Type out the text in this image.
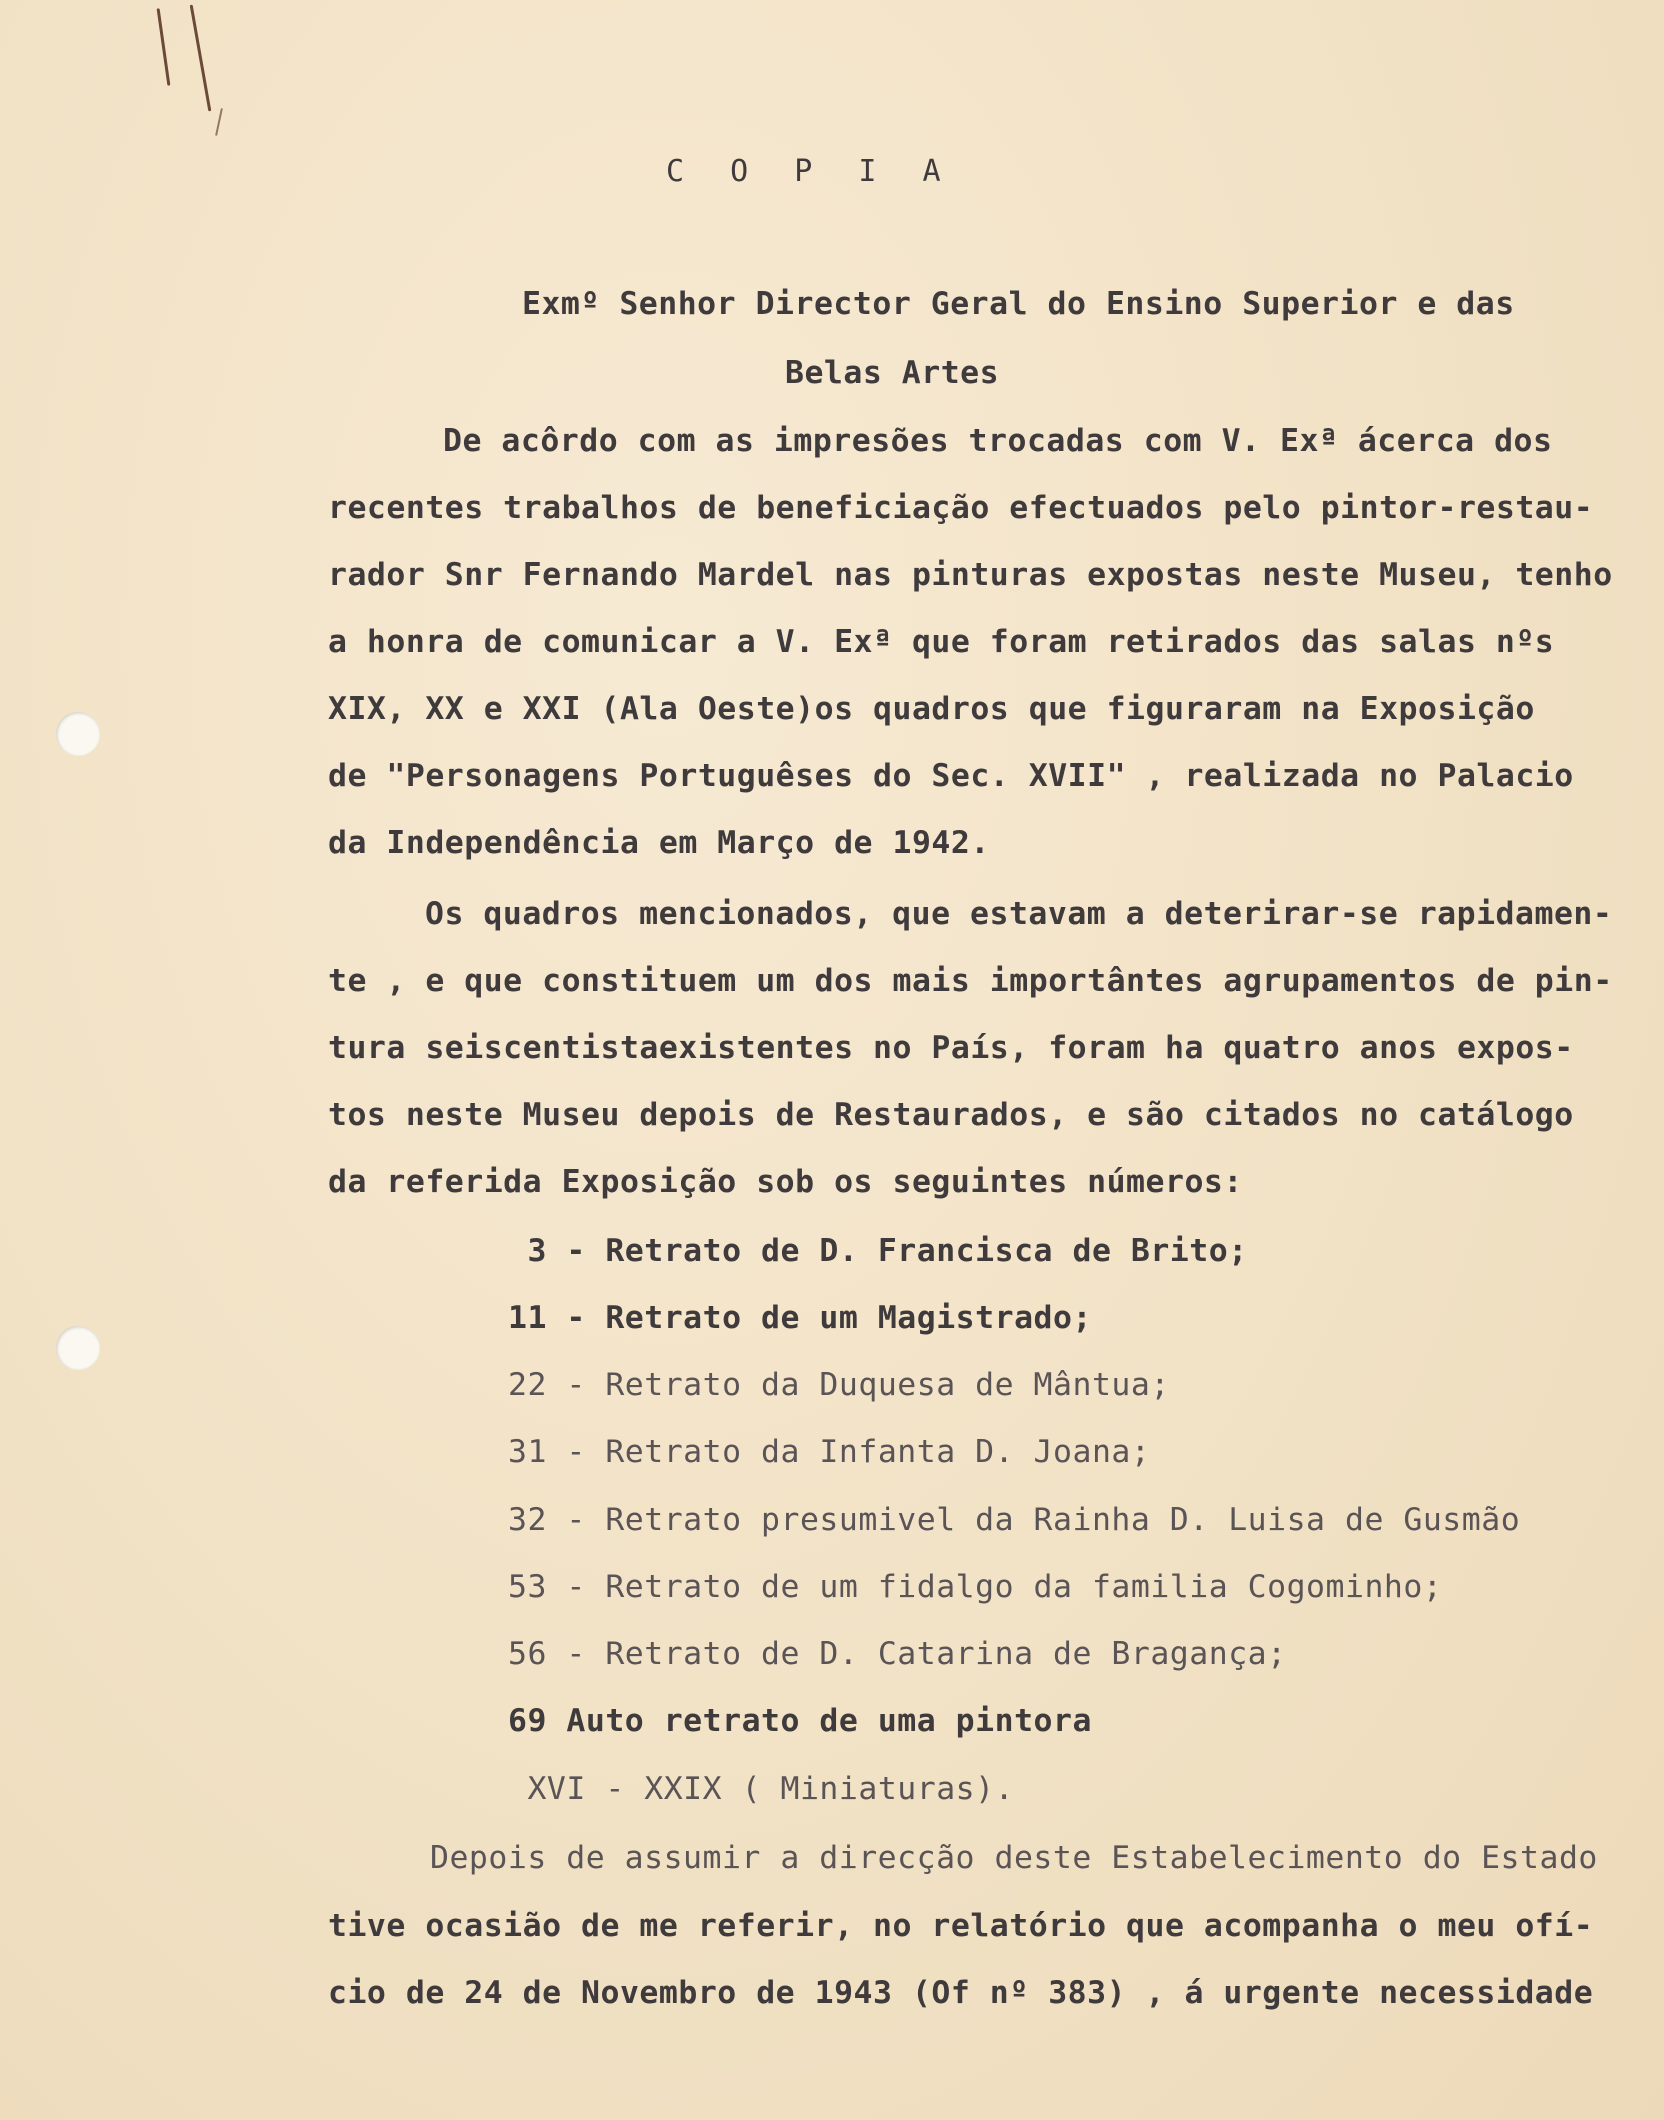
C O P I A
Exmº Senhor Director Geral do Ensino Superior e das
Belas Artes
De acôrdo com as impresões trocadas com V. Exª ácerca dos
recentes trabalhos de beneficiação efectuados pelo pintor-restau-
rador Snr Fernando Mardel nas pinturas expostas neste Museu, tenho
a honra de comunicar a V. Exª que foram retirados das salas nºs
XIX, XX e XXI (Ala Oeste)os quadros que figuraram na Exposição
de "Personagens Portuguêses do Sec. XVII" , realizada no Palacio
da Independência em Março de 1942.
Os quadros mencionados, que estavam a deterirar-se rapidamen-
te , e que constituem um dos mais importântes agrupamentos de pin-
tura seiscentistaexistentes no País, foram ha quatro anos expos-
tos neste Museu depois de Restaurados, e são citados no catálogo
da referida Exposição sob os seguintes números:
3 - Retrato de D. Francisca de Brito;
11 - Retrato de um Magistrado;
22 - Retrato da Duquesa de Mântua;
31 - Retrato da Infanta D. Joana;
32 - Retrato presumivel da Rainha D. Luisa de Gusmão
53 - Retrato de um fidalgo da familia Cogominho;
56 - Retrato de D. Catarina de Bragança;
69 Auto retrato de uma pintora
XVI - XXIX ( Miniaturas).
Depois de assumir a direcção deste Estabelecimento do Estado
tive ocasião de me referir, no relatório que acompanha o meu ofí-
cio de 24 de Novembro de 1943 (Of nº 383) , á urgente necessidade
